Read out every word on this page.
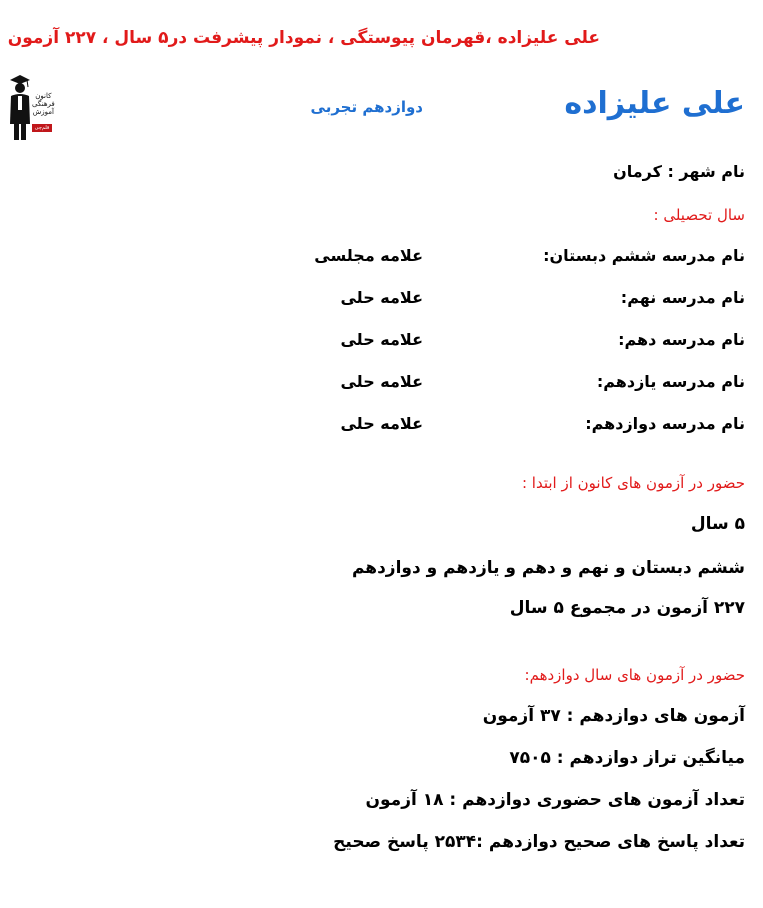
علی علیزاده ،قهرمان پیوستگی ، نمودار پیشرفت در۵ سال ، ۲۲۷ آزمون
کانون
فرهنگی
آموزش
قلم‌چی
علی علیزاده
دوازدهم تجربی
نام شهر : کرمان
سال تحصیلی :
نام مدرسه ششم دبستان:
علامه مجلسی
نام مدرسه نهم:
علامه حلی
نام مدرسه دهم:
علامه حلی
نام مدرسه یازدهم:
علامه حلی
نام مدرسه دوازدهم:
علامه حلی
حضور در آزمون های کانون از ابتدا :
۵ سال
ششم دبستان و نهم و دهم و یازدهم و دوازدهم
۲۲۷ آزمون در مجموع ۵ سال
حضور در آزمون های سال دوازدهم:
آزمون های دوازدهم : ۳۷ آزمون
میانگین تراز دوازدهم : ۷۵۰۵
تعداد آزمون های حضوری دوازدهم : ۱۸ آزمون
تعداد پاسخ های صحیح دوازدهم :۲۵۳۴ پاسخ صحیح
